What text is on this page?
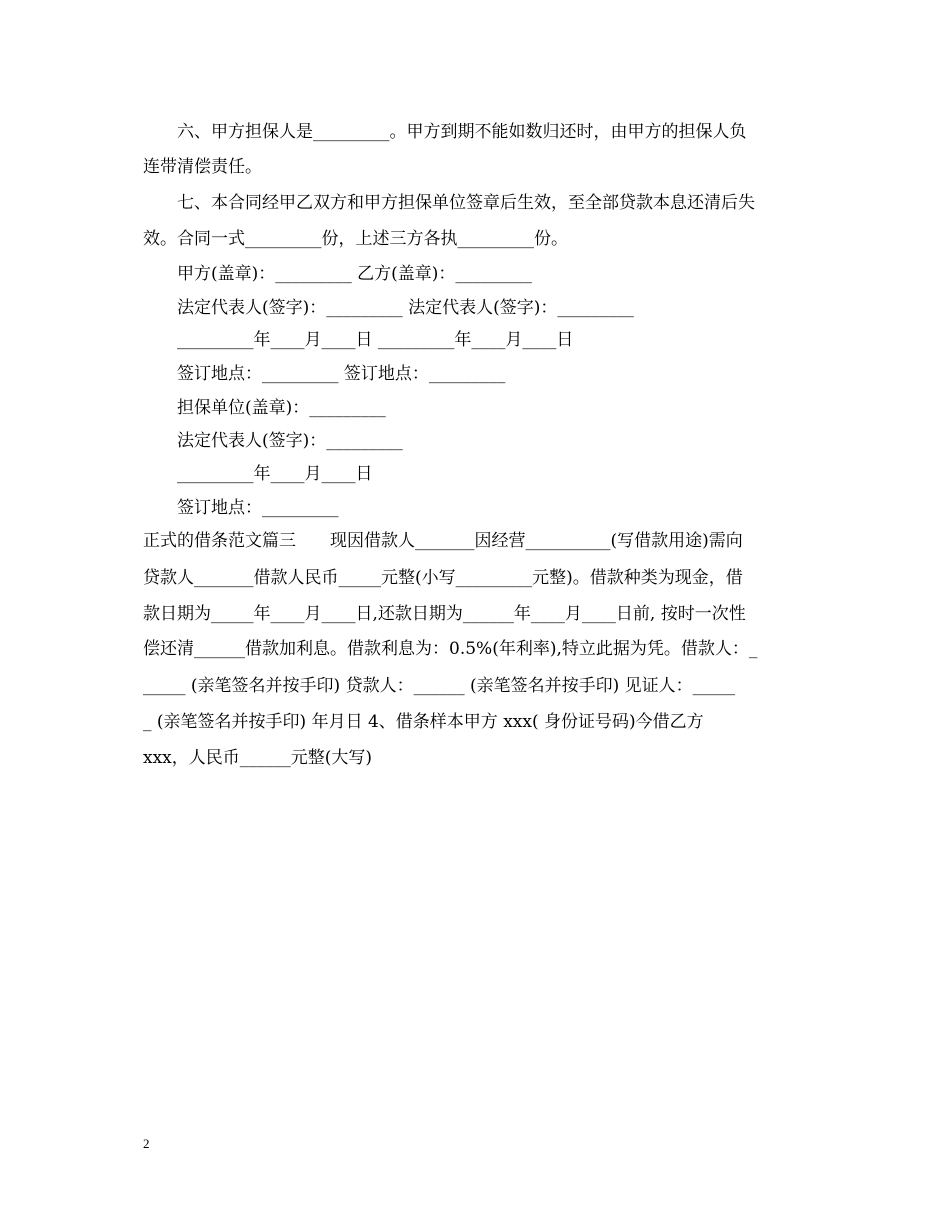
六、甲方担保人是_________。甲方到期不能如数归还时，由甲方的担保人负
连带清偿责任。
七、本合同经甲乙双方和甲方担保单位签章后生效，至全部贷款本息还清后失
效。合同一式_________份，上述三方各执_________份。
甲方(盖章)：_________ 乙方(盖章)：_________
法定代表人(签字)：_________ 法定代表人(签字)：_________
_________年____月____日 _________年____月____日
签订地点：_________ 签订地点：_________
担保单位(盖章)：_________
法定代表人(签字)：_________
_________年____月____日
签订地点：_________
正式的借条范文篇三　　现因借款人_______因经营__________(写借款用途)需向
贷款人_______借款人民币_____元整(小写_________元整)。借款种类为现金，借
款日期为_____年____月____日,还款日期为______年____月____日前, 按时一次性
偿还清______借款加利息。借款利息为：0.5%(年利率),特立此据为凭。借款人：_
_____ (亲笔签名并按手印) 贷款人：______ (亲笔签名并按手印) 见证人：_____
_ (亲笔签名并按手印) 年月日 4、借条样本甲方 xxx( 身份证号码)今借乙方
xxx，人民币______元整(大写)
2
